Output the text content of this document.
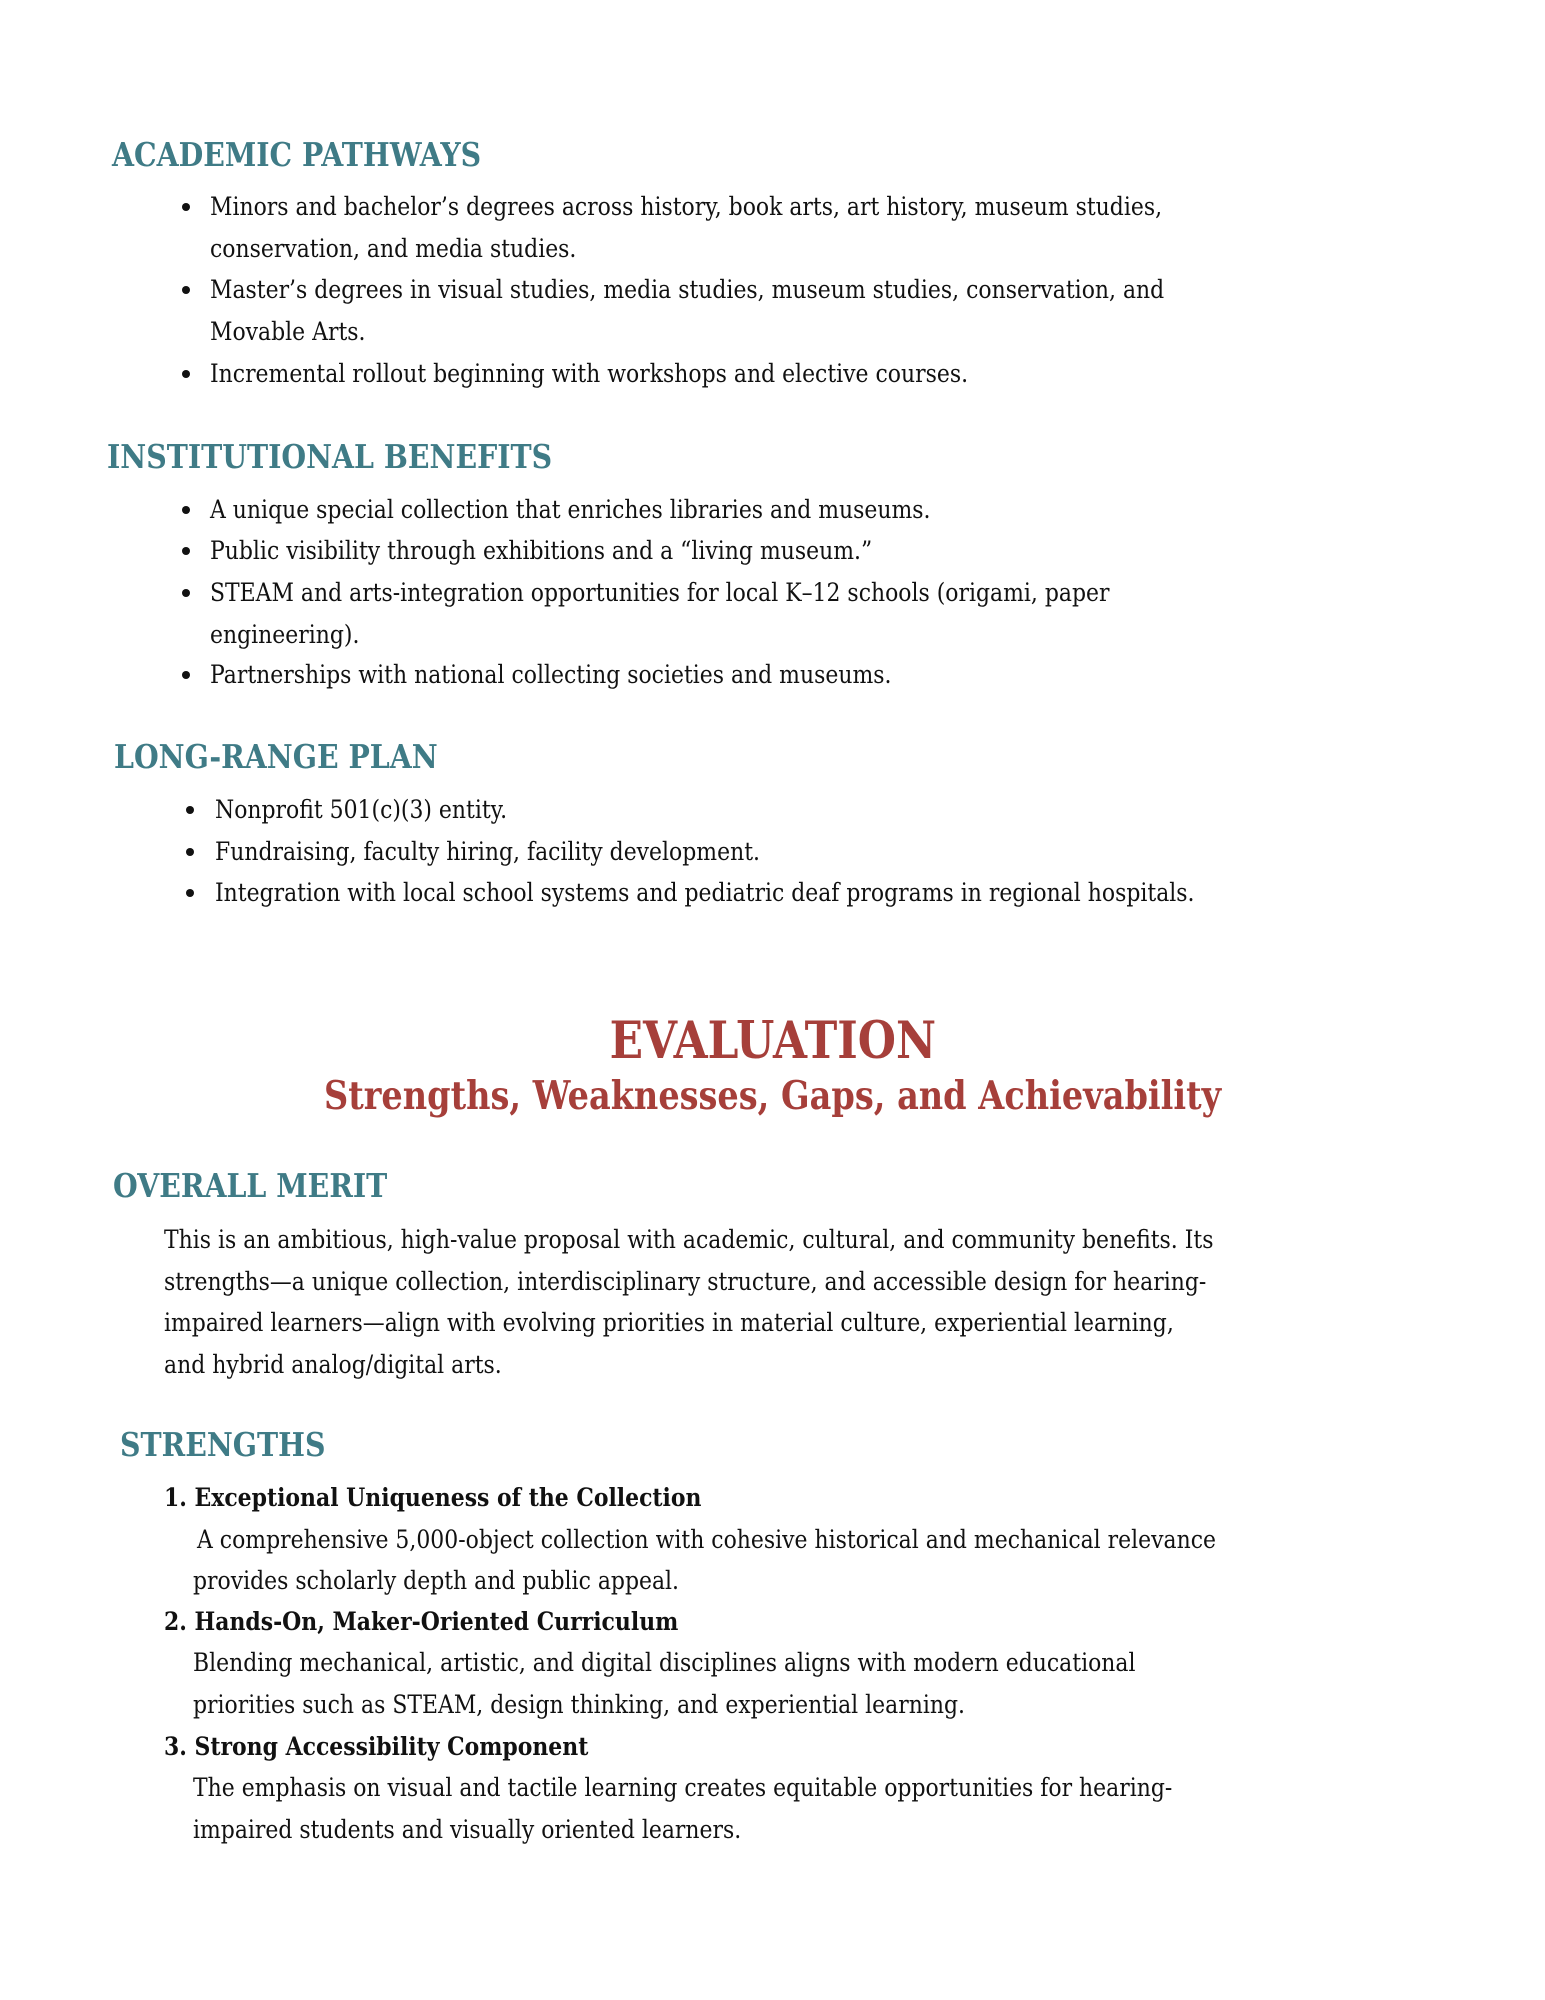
ACADEMIC PATHWAYS
Minors and bachelor’s degrees across history, book arts, art history, museum studies,
conservation, and media studies.
Master’s degrees in visual studies, media studies, museum studies, conservation, and
Movable Arts.
Incremental rollout beginning with workshops and elective courses.
INSTITUTIONAL BENEFITS
A unique special collection that enriches libraries and museums.
Public visibility through exhibitions and a “living museum.”
STEAM and arts-integration opportunities for local K–12 schools (origami, paper
engineering).
Partnerships with national collecting societies and museums.
LONG-RANGE PLAN
Nonprofit 501(c)(3) entity.
Fundraising, faculty hiring, facility development.
Integration with local school systems and pediatric deaf programs in regional hospitals.
EVALUATION
Strengths, Weaknesses, Gaps, and Achievability
OVERALL MERIT
This is an ambitious, high-value proposal with academic, cultural, and community benefits. Its
strengths—a unique collection, interdisciplinary structure, and accessible design for hearing-
impaired learners—align with evolving priorities in material culture, experiential learning,
and hybrid analog/digital arts.
STRENGTHS
1. Exceptional Uniqueness of the Collection
A comprehensive 5,000-object collection with cohesive historical and mechanical relevance
provides scholarly depth and public appeal.
2. Hands-On, Maker-Oriented Curriculum
Blending mechanical, artistic, and digital disciplines aligns with modern educational
priorities such as STEAM, design thinking, and experiential learning.
3. Strong Accessibility Component
The emphasis on visual and tactile learning creates equitable opportunities for hearing-
impaired students and visually oriented learners.
